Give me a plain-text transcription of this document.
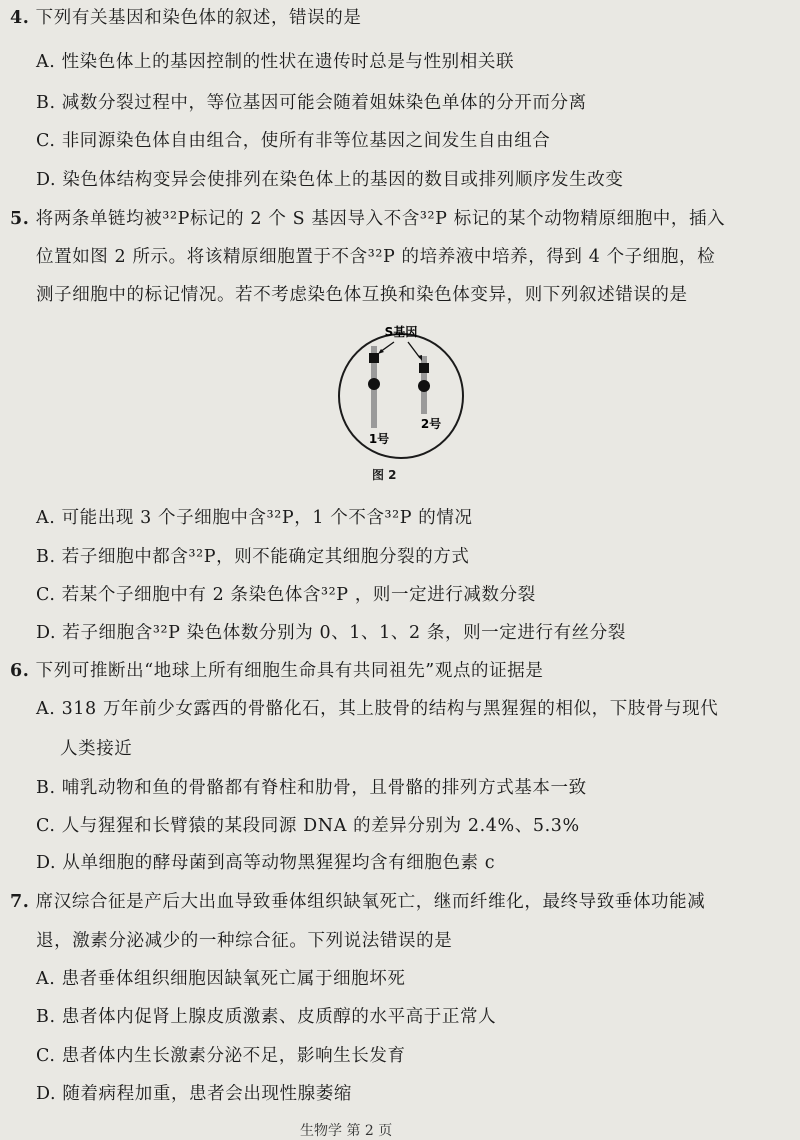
4. 下列有关基因和染色体的叙述，错误的是
A. 性染色体上的基因控制的性状在遗传时总是与性别相关联
B. 减数分裂过程中，等位基因可能会随着姐妹染色单体的分开而分离
C. 非同源染色体自由组合，使所有非等位基因之间发生自由组合
D. 染色体结构变异会使排列在染色体上的基因的数目或排列顺序发生改变
5. 将两条单链均被³²P标记的 2 个 S 基因导入不含³²P 标记的某个动物精原细胞中，插入
位置如图 2 所示。将该精原细胞置于不含³²P 的培养液中培养，得到 4 个子细胞，检
测子细胞中的标记情况。若不考虑染色体互换和染色体变异，则下列叙述错误的是
S基因
1号
2号
图 2
A. 可能出现 3 个子细胞中含³²P，1 个不含³²P 的情况
B. 若子细胞中都含³²P，则不能确定其细胞分裂的方式
C. 若某个子细胞中有 2 条染色体含³²P ，则一定进行减数分裂
D. 若子细胞含³²P 染色体数分别为 0、1、1、2 条，则一定进行有丝分裂
6. 下列可推断出“地球上所有细胞生命具有共同祖先”观点的证据是
A. 318 万年前少女露西的骨骼化石，其上肢骨的结构与黑猩猩的相似，下肢骨与现代
人类接近
B. 哺乳动物和鱼的骨骼都有脊柱和肋骨，且骨骼的排列方式基本一致
C. 人与猩猩和长臂猿的某段同源 DNA 的差异分别为 2.4%、5.3%
D. 从单细胞的酵母菌到高等动物黑猩猩均含有细胞色素 c
7. 席汉综合征是产后大出血导致垂体组织缺氧死亡，继而纤维化，最终导致垂体功能减
退，激素分泌减少的一种综合征。下列说法错误的是
A. 患者垂体组织细胞因缺氧死亡属于细胞坏死
B. 患者体内促肾上腺皮质激素、皮质醇的水平高于正常人
C. 患者体内生长激素分泌不足，影响生长发育
D. 随着病程加重，患者会出现性腺萎缩
生物学 第 2 页
